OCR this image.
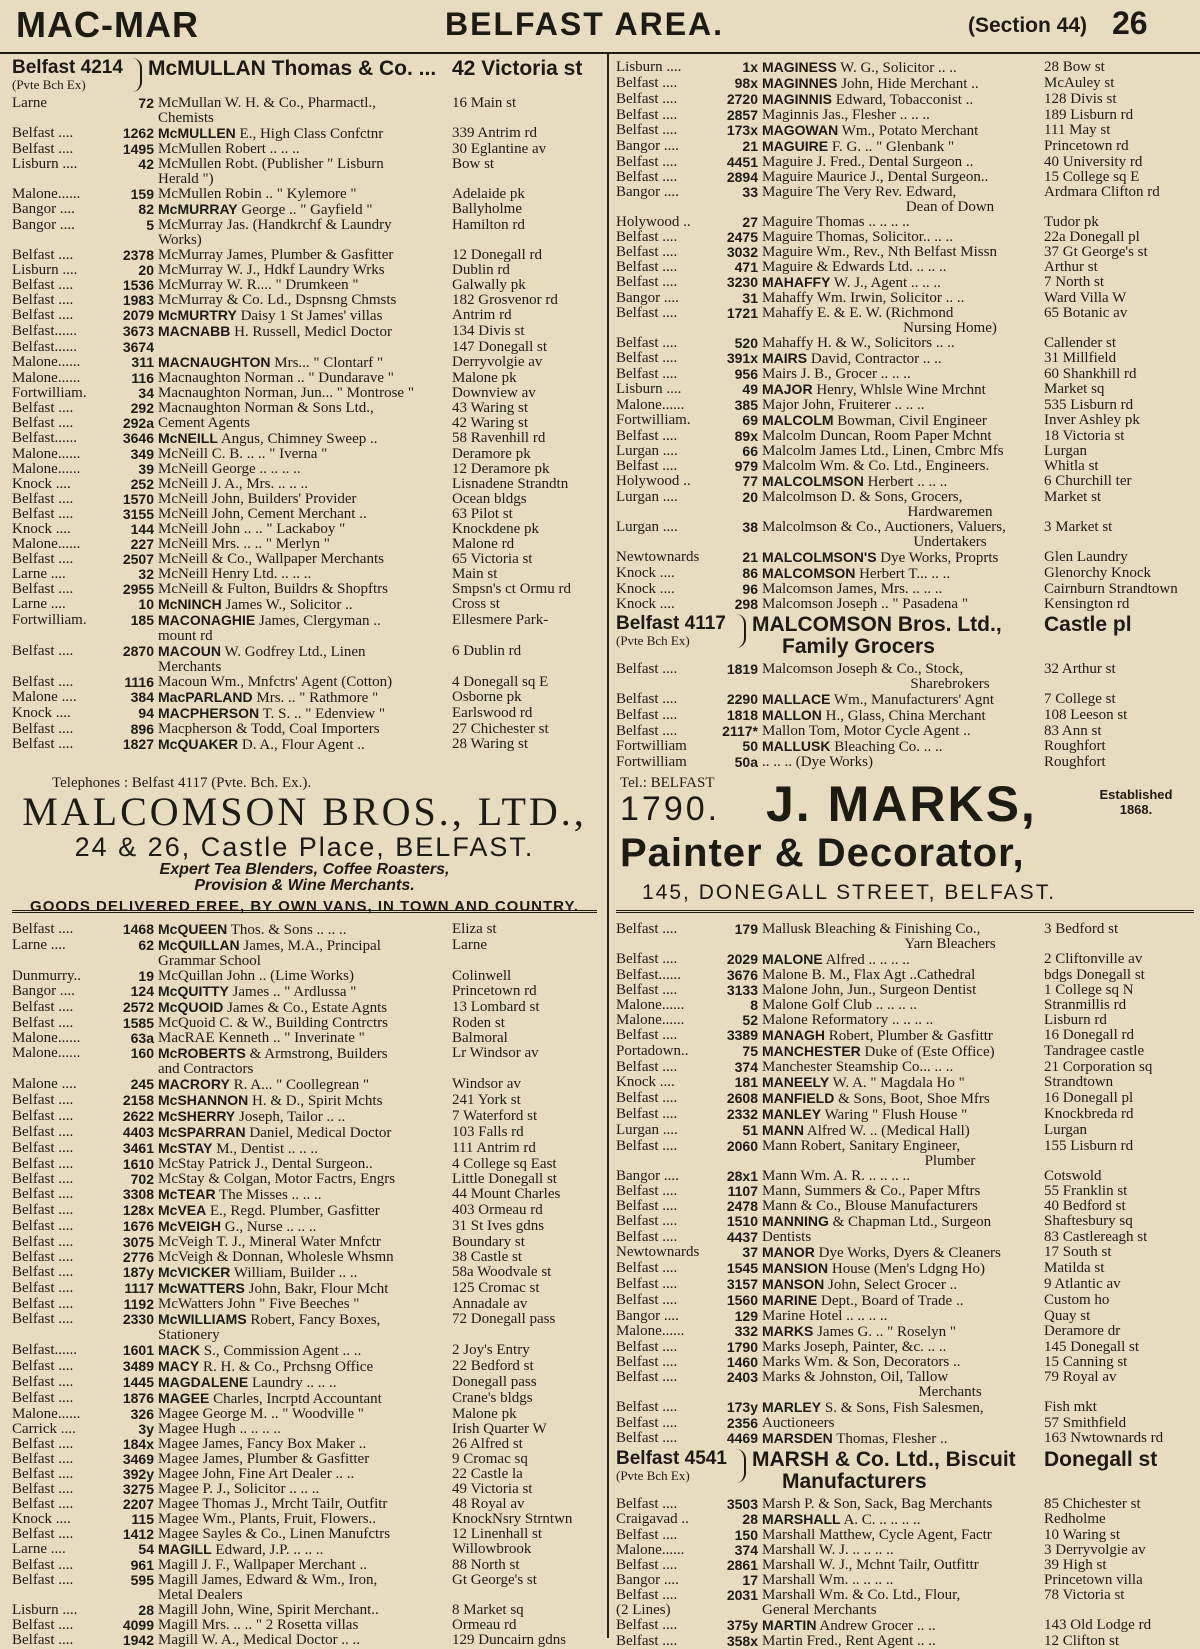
MAC-MAR	BELFAST AREA.	(Section 44) 26
Belfast 4214
(Pvte Bch Ex)
McMULLAN Thomas & Co. ... 42 Victoria st
Larne	72 McMullan W. H. & Co., Pharmactl.,	16 Main st
Chemists
Belfast ....	1262 McMULLEN E., High Class Confctnr	339 Antrim rd
Belfast ....	1495 McMullen Robert .. .. ..	30 Eglantine av
Lisburn ....	42 McMullen Robt. (Publisher " Lisburn	Bow st
Herald ")
Malone......	159 McMullen Robin .. " Kylemore "	Adelaide pk
Bangor ....	82 McMURRAY George .. " Gayfield "	Ballyholme
Bangor ....	5 McMurray Jas. (Handkrchf & Laundry	Hamilton rd
Works)
Belfast ....	2378 McMurray James, Plumber & Gasfitter	12 Donegall rd
Lisburn ....	20 McMurray W. J., Hdkf Laundry Wrks	Dublin rd
Belfast ....	1536 McMurray W. R.... " Drumkeen "	Galwally pk
Belfast ....	1983 McMurray & Co. Ld., Dspnsng Chmsts	182 Grosvenor rd
Belfast ....	2079 McMURTRY Daisy 1 St James' villas	Antrim rd
Belfast......	3673 MACNABB H. Russell, Medicl Doctor	134 Divis st
Belfast......	3674	147 Donegall st
Malone......	311 MACNAUGHTON Mrs... " Clontarf "	Derryvolgie av
Malone......	116 Macnaughton Norman .. " Dundarave "	Malone pk
Fortwilliam.	34 Macnaughton Norman, Jun... " Montrose "	Downview av
Belfast ....	292 Macnaughton Norman & Sons Ltd.,	43 Waring st
Belfast ....	292a Cement Agents	42 Waring st
Belfast......	3646 McNEILL Angus, Chimney Sweep ..	58 Ravenhill rd
Malone......	349 McNeill C. B. .. .. " Iverna "	Deramore pk
Malone......	39 McNeill George .. .. .. ..	12 Deramore pk
Knock ....	252 McNeill J. A., Mrs. .. .. ..	Lisnadene Strandtn
Belfast ....	1570 McNeill John, Builders' Provider	Ocean bldgs
Belfast ....	3155 McNeill John, Cement Merchant ..	63 Pilot st
Knock ....	144 McNeill John .. .. " Lackaboy "	Knockdene pk
Malone......	227 McNeill Mrs. .. .. " Merlyn "	Malone rd
Belfast ....	2507 McNeill & Co., Wallpaper Merchants	65 Victoria st
Larne ....	32 McNeill Henry Ltd. .. .. ..	Main st
Belfast ....	2955 McNeill & Fulton, Buildrs & Shopftrs	Smpsn's ct Ormu rd
Larne ....	10 McNINCH James W., Solicitor ..	Cross st
Fortwilliam.	185 MACONAGHIE James, Clergyman ..	Ellesmere Park-
mount rd
Belfast ....	2870 MACOUN W. Godfrey Ltd., Linen	6 Dublin rd
Merchants
Belfast ....	1116 Macoun Wm., Mnfctrs' Agent (Cotton)	4 Donegall sq E
Malone ....	384 MacPARLAND Mrs. .. " Rathmore "	Osborne pk
Knock ....	94 MACPHERSON T. S. .. " Edenview "	Earlswood rd
Belfast ....	896 Macpherson & Todd, Coal Importers	27 Chichester st
Belfast ....	1827 McQUAKER D. A., Flour Agent ..	28 Waring st
Telephones : Belfast 4117 (Pvte. Bch. Ex.).
MALCOMSON BROS., LTD.,
24 & 26, Castle Place, BELFAST.
Expert Tea Blenders, Coffee Roasters,
Provision & Wine Merchants.
GOODS DELIVERED FREE, BY OWN VANS, IN TOWN AND COUNTRY.
Belfast ....	1468 McQUEEN Thos. & Sons .. .. ..	Eliza st
Larne ....	62 McQUILLAN James, M.A., Principal	Larne
Grammar School
Dunmurry..	19 McQuillan John .. (Lime Works)	Colinwell
Bangor ....	124 McQUITTY James .. " Ardlussa "	Princetown rd
Belfast ....	2572 McQUOID James & Co., Estate Agnts	13 Lombard st
Belfast ....	1585 McQuoid C. & W., Building Contrctrs	Roden st
Malone......	63a MacRAE Kenneth .. " Inverinate "	Balmoral
Malone......	160 McROBERTS & Armstrong, Builders	Lr Windsor av
and Contractors
Malone ....	245 MACRORY R. A... " Coollegrean "	Windsor av
Belfast ....	2158 McSHANNON H. & D., Spirit Mchts	241 York st
Belfast ....	2622 McSHERRY Joseph, Tailor .. ..	7 Waterford st
Belfast ....	4403 McSPARRAN Daniel, Medical Doctor	103 Falls rd
Belfast ....	3461 McSTAY M., Dentist .. .. ..	111 Antrim rd
Belfast ....	1610 McStay Patrick J., Dental Surgeon..	4 College sq East
Belfast ....	702 McStay & Colgan, Motor Factrs, Engrs	Little Donegall st
Belfast ....	3308 McTEAR The Misses .. .. ..	44 Mount Charles
Belfast ....	128x McVEA E., Regd. Plumber, Gasfitter	403 Ormeau rd
Belfast ....	1676 McVEIGH G., Nurse .. .. ..	31 St Ives gdns
Belfast ....	3075 McVeigh T. J., Mineral Water Mnfctr	Boundary st
Belfast ....	2776 McVeigh & Donnan, Wholesle Whsmn	38 Castle st
Belfast ....	187y McVICKER William, Builder .. ..	58a Woodvale st
Belfast ....	1117 McWATTERS John, Bakr, Flour Mcht	125 Cromac st
Belfast ....	1192 McWatters John " Five Beeches "	Annadale av
Belfast ....	2330 McWILLIAMS Robert, Fancy Boxes,	72 Donegall pass
Stationery
Belfast......	1601 MACK S., Commission Agent .. ..	2 Joy's Entry
Belfast ....	3489 MACY R. H. & Co., Prchsng Office	22 Bedford st
Belfast ....	1445 MAGDALENE Laundry .. .. ..	Donegall pass
Belfast ....	1876 MAGEE Charles, Incrptd Accountant	Crane's bldgs
Malone......	326 Magee George M. .. " Woodville "	Malone pk
Carrick ....	3y Magee Hugh .. .. .. ..	Irish Quarter W
Belfast ....	184x Magee James, Fancy Box Maker ..	26 Alfred st
Belfast ....	3469 Magee James, Plumber & Gasfitter	9 Cromac sq
Belfast ....	392y Magee John, Fine Art Dealer .. ..	22 Castle la
Belfast ....	3275 Magee P. J., Solicitor .. .. ..	49 Victoria st
Belfast ....	2207 Magee Thomas J., Mrcht Tailr, Outfitr	48 Royal av
Knock ....	115 Magee Wm., Plants, Fruit, Flowers..	KnockNsry Strntwn
Belfast ....	1412 Magee Sayles & Co., Linen Manufctrs	12 Linenhall st
Larne ....	54 MAGILL Edward, J.P. .. .. ..	Willowbrook
Belfast ....	961 Magill J. F., Wallpaper Merchant ..	88 North st
Belfast ....	595 Magill James, Edward & Wm., Iron,	Gt George's st
Metal Dealers
Lisburn ....	28 Magill John, Wine, Spirit Merchant..	8 Market sq
Belfast ....	4099 Magill Mrs. .. .. " 2 Rosetta villas	Ormeau rd
Belfast ....	1942 Magill W. A., Medical Doctor .. ..	129 Duncairn gdns
Lisburn ....	1x MAGINESS W. G., Solicitor .. ..	28 Bow st
Belfast ....	98x MAGINNES John, Hide Merchant ..	McAuley st
Belfast ....	2720 MAGINNIS Edward, Tobacconist ..	128 Divis st
Belfast ....	2857 Maginnis Jas., Flesher .. .. ..	189 Lisburn rd
Belfast ....	173x MAGOWAN Wm., Potato Merchant	111 May st
Bangor ....	21 MAGUIRE F. G. .. " Glenbank "	Princetown rd
Belfast ....	4451 Maguire J. Fred., Dental Surgeon ..	40 University rd
Belfast ....	2894 Maguire Maurice J., Dental Surgeon..	15 College sq E
Bangor ....	33 Maguire The Very Rev. Edward,	Ardmara Clifton rd
Dean of Down
Holywood ..	27 Maguire Thomas .. .. .. ..	Tudor pk
Belfast ....	2475 Maguire Thomas, Solicitor.. .. ..	22a Donegall pl
Belfast ....	3032 Maguire Wm., Rev., Nth Belfast Missn	37 Gt George's st
Belfast ....	471 Maguire & Edwards Ltd. .. .. ..	Arthur st
Belfast ....	3230 MAHAFFY W. J., Agent .. .. ..	7 North st
Bangor ....	31 Mahaffy Wm. Irwin, Solicitor .. ..	Ward Villa W
Belfast ....	1721 Mahaffy E. & E. W. (Richmond	65 Botanic av
Nursing Home)
Belfast ....	520 Mahaffy H. & W., Solicitors .. ..	Callender st
Belfast ....	391x MAIRS David, Contractor .. ..	31 Millfield
Belfast ....	956 Mairs J. B., Grocer .. .. ..	60 Shankhill rd
Lisburn ....	49 MAJOR Henry, Whlsle Wine Mrchnt	Market sq
Malone......	385 Major John, Fruiterer .. .. ..	535 Lisburn rd
Fortwilliam.	69 MALCOLM Bowman, Civil Engineer	Inver Ashley pk
Belfast ....	89x Malcolm Duncan, Room Paper Mchnt	18 Victoria st
Lurgan ....	66 Malcolm James Ltd., Linen, Cmbrc Mfs	Lurgan
Belfast ....	979 Malcolm Wm. & Co. Ltd., Engineers.	Whitla st
Holywood ..	77 MALCOLMSON Herbert .. .. ..	6 Churchill ter
Lurgan ....	20 Malcolmson D. & Sons, Grocers,	Market st
Hardwaremen
Lurgan ....	38 Malcolmson & Co., Auctioners, Valuers,	3 Market st
Undertakers
Newtownards	21 MALCOLMSON'S Dye Works, Proprts	Glen Laundry
Knock ....	86 MALCOMSON Herbert T... .. ..	Glenorchy Knock
Knock ....	96 Malcomson James, Mrs. .. .. ..	Cairnburn Strandtown
Knock ....	298 Malcomson Joseph .. " Pasadena "	Kensington rd
Belfast 4117
(Pvte Bch Ex)
MALCOMSON Bros. Ltd.,
Family Grocers
Castle pl
Belfast ....	1819 Malcomson Joseph & Co., Stock,	32 Arthur st
Sharebrokers
Belfast ....	2290 MALLACE Wm., Manufacturers' Agnt	7 College st
Belfast ....	1818 MALLON H., Glass, China Merchant	108 Leeson st
Belfast ....	2117* Mallon Tom, Motor Cycle Agent ..	83 Ann st
Fortwilliam	50 MALLUSK Bleaching Co. .. ..	Roughfort
Fortwilliam	50a .. .. .. (Dye Works)	Roughfort
Tel.: BELFAST
1790. J. MARKS,	Established 1868.
Painter & Decorator,
145, DONEGALL STREET, BELFAST.
Belfast ....	179 Mallusk Bleaching & Finishing Co.,	3 Bedford st
Yarn Bleachers
Belfast ....	2029 MALONE Alfred .. .. .. ..	2 Cliftonville av
Belfast......	3676 Malone B. M., Flax Agt ..Cathedral	bdgs Donegall st
Belfast ....	3133 Malone John, Jun., Surgeon Dentist	1 College sq N
Malone......	8 Malone Golf Club .. .. .. ..	Stranmillis rd
Malone......	52 Malone Reformatory .. .. .. ..	Lisburn rd
Belfast ....	3389 MANAGH Robert, Plumber & Gasfittr	16 Donegall rd
Portadown..	75 MANCHESTER Duke of (Este Office)	Tandragee castle
Belfast ....	374 Manchester Steamship Co... .. ..	21 Corporation sq
Knock ....	181 MANEELY W. A. " Magdala Ho "	Strandtown
Belfast ....	2608 MANFIELD & Sons, Boot, Shoe Mfrs	16 Donegall pl
Belfast ....	2332 MANLEY Waring " Flush House "	Knockbreda rd
Lurgan ....	51 MANN Alfred W. .. (Medical Hall)	Lurgan
Belfast ....	2060 Mann Robert, Sanitary Engineer,	155 Lisburn rd
Plumber
Bangor ....	28x1 Mann Wm. A. R. .. .. .. ..	Cotswold
Belfast ....	1107 Mann, Summers & Co., Paper Mftrs	55 Franklin st
Belfast ....	2478 Mann & Co., Blouse Manufacturers	40 Bedford st
Belfast ....	1510 MANNING & Chapman Ltd., Surgeon	Shaftesbury sq
Belfast ....	4437 Dentists	83 Castlereagh st
Newtownards	37 MANOR Dye Works, Dyers & Cleaners	17 South st
Belfast ....	1545 MANSION House (Men's Ldgng Ho)	Matilda st
Belfast ....	3157 MANSON John, Select Grocer ..	9 Atlantic av
Belfast ....	1560 MARINE Dept., Board of Trade ..	Custom ho
Bangor ....	129 Marine Hotel .. .. .. ..	Quay st
Malone......	332 MARKS James G. .. " Roselyn "	Deramore dr
Belfast ....	1790 Marks Joseph, Painter, &c. .. ..	145 Donegall st
Belfast ....	1460 Marks Wm. & Son, Decorators ..	15 Canning st
Belfast ....	2403 Marks & Johnston, Oil, Tallow	79 Royal av
Merchants
Belfast ....	173y MARLEY S. & Sons, Fish Salesmen,	Fish mkt
Belfast ....	2356 Auctioneers	57 Smithfield
Belfast ....	4469 MARSDEN Thomas, Flesher ..	163 Nwtownards rd
Belfast 4541
(Pvte Bch Ex)
MARSH & Co. Ltd., Biscuit
Manufacturers
Donegall st
Belfast ....	3503 Marsh P. & Son, Sack, Bag Merchants	85 Chichester st
Craigavad ..	28 MARSHALL A. C. .. .. .. ..	Redholme
Belfast ....	150 Marshall Matthew, Cycle Agent, Factr	10 Waring st
Malone......	374 Marshall W. J. .. .. .. ..	3 Derryvolgie av
Belfast ....	2861 Marshall W. J., Mchnt Tailr, Outfittr	39 High st
Bangor ....	17 Marshall Wm. .. .. .. ..	Princetown villa
Belfast ....	2031 Marshall Wm. & Co. Ltd., Flour,	78 Victoria st
(2 Lines)	General Merchants
Belfast ....	375y MARTIN Andrew Grocer .. ..	143 Old Lodge rd
Belfast ....	358x Martin Fred., Rent Agent .. ..	12 Clifton st
